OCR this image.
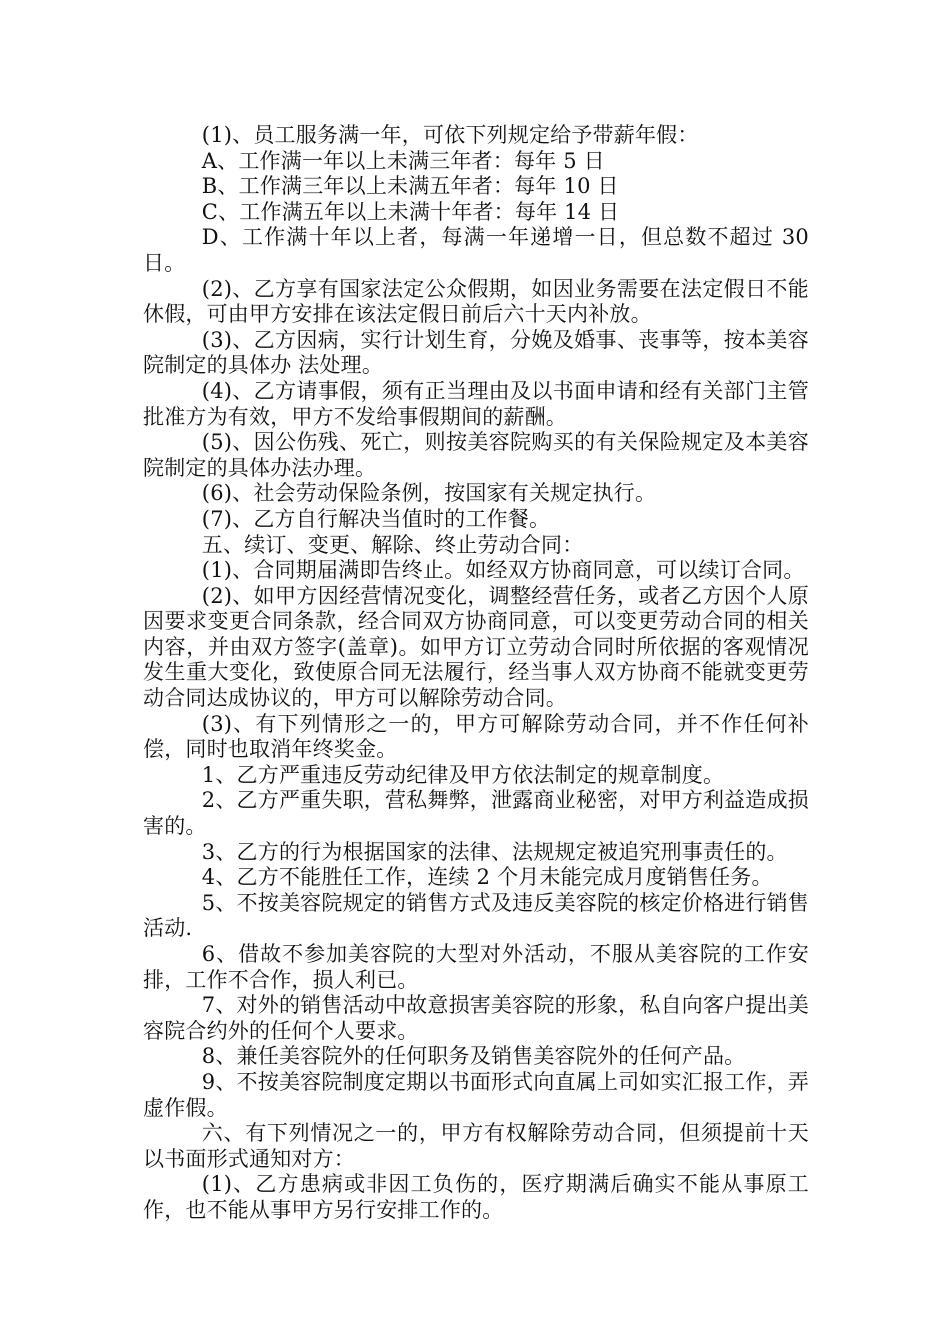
(1)、员工服务满一年，可依下列规定给予带薪年假：

A、工作满一年以上未满三年者：每年 5 日

B、工作满三年以上未满五年者：每年 10 日

C、工作满五年以上未满十年者：每年 14 日

D、工作满十年以上者，每满一年递增一日，但总数不超过 30 日。

(2)、乙方享有国家法定公众假期，如因业务需要在法定假日不能休假，可由甲方安排在该法定假日前后六十天内补放。

(3)、乙方因病，实行计划生育，分娩及婚事、丧事等，按本美容院制定的具体办 法处理。

(4)、乙方请事假，须有正当理由及以书面申请和经有关部门主管批准方为有效，甲方不发给事假期间的薪酬。

(5)、因公伤残、死亡，则按美容院购买的有关保险规定及本美容院制定的具体办法办理。

(6)、社会劳动保险条例，按国家有关规定执行。

(7)、乙方自行解决当值时的工作餐。

五、续订、变更、解除、终止劳动合同：

(1)、合同期届满即告终止。如经双方协商同意，可以续订合同。

(2)、如甲方因经营情况变化，调整经营任务，或者乙方因个人原因要求变更合同条款，经合同双方协商同意，可以变更劳动合同的相关内容，并由双方签字(盖章)。如甲方订立劳动合同时所依据的客观情况发生重大变化，致使原合同无法履行，经当事人双方协商不能就变更劳动合同达成协议的，甲方可以解除劳动合同。

(3)、有下列情形之一的，甲方可解除劳动合同，并不作任何补偿，同时也取消年终奖金。

1、乙方严重违反劳动纪律及甲方依法制定的规章制度。

2、乙方严重失职，营私舞弊，泄露商业秘密，对甲方利益造成损害的。

3、乙方的行为根据国家的法律、法规规定被追究刑事责任的。

4、乙方不能胜任工作，连续 2 个月未能完成月度销售任务。

5、不按美容院规定的销售方式及违反美容院的核定价格进行销售活动.

6、借故不参加美容院的大型对外活动，不服从美容院的工作安排，工作不合作，损人利已。

7、对外的销售活动中故意损害美容院的形象，私自向客户提出美容院合约外的任何个人要求。

8、兼任美容院外的任何职务及销售美容院外的任何产品。

9、不按美容院制度定期以书面形式向直属上司如实汇报工作，弄虚作假。

六、有下列情况之一的，甲方有权解除劳动合同，但须提前十天以书面形式通知对方：

(1)、乙方患病或非因工负伤的，医疗期满后确实不能从事原工作，也不能从事甲方另行安排工作的。
